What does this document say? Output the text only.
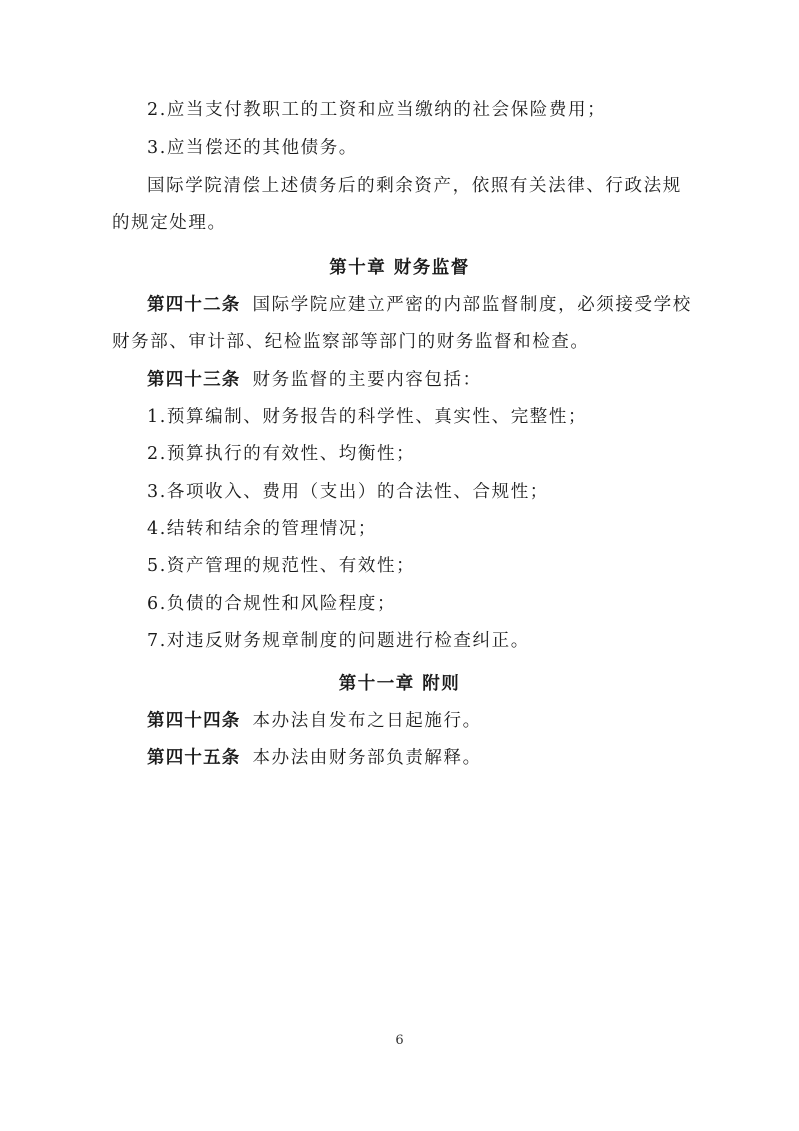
2.应当支付教职工的工资和应当缴纳的社会保险费用；
3.应当偿还的其他债务。
国际学院清偿上述债务后的剩余资产，依照有关法律、行政法规
的规定处理。
第十章 财务监督
第四十二条 国际学院应建立严密的内部监督制度，必须接受学校
财务部、审计部、纪检监察部等部门的财务监督和检查。
第四十三条 财务监督的主要内容包括：
1.预算编制、财务报告的科学性、真实性、完整性；
2.预算执行的有效性、均衡性；
3.各项收入、费用（支出）的合法性、合规性；
4.结转和结余的管理情况；
5.资产管理的规范性、有效性；
6.负债的合规性和风险程度；
7.对违反财务规章制度的问题进行检查纠正。
第十一章 附则
第四十四条 本办法自发布之日起施行。
第四十五条 本办法由财务部负责解释。
6
